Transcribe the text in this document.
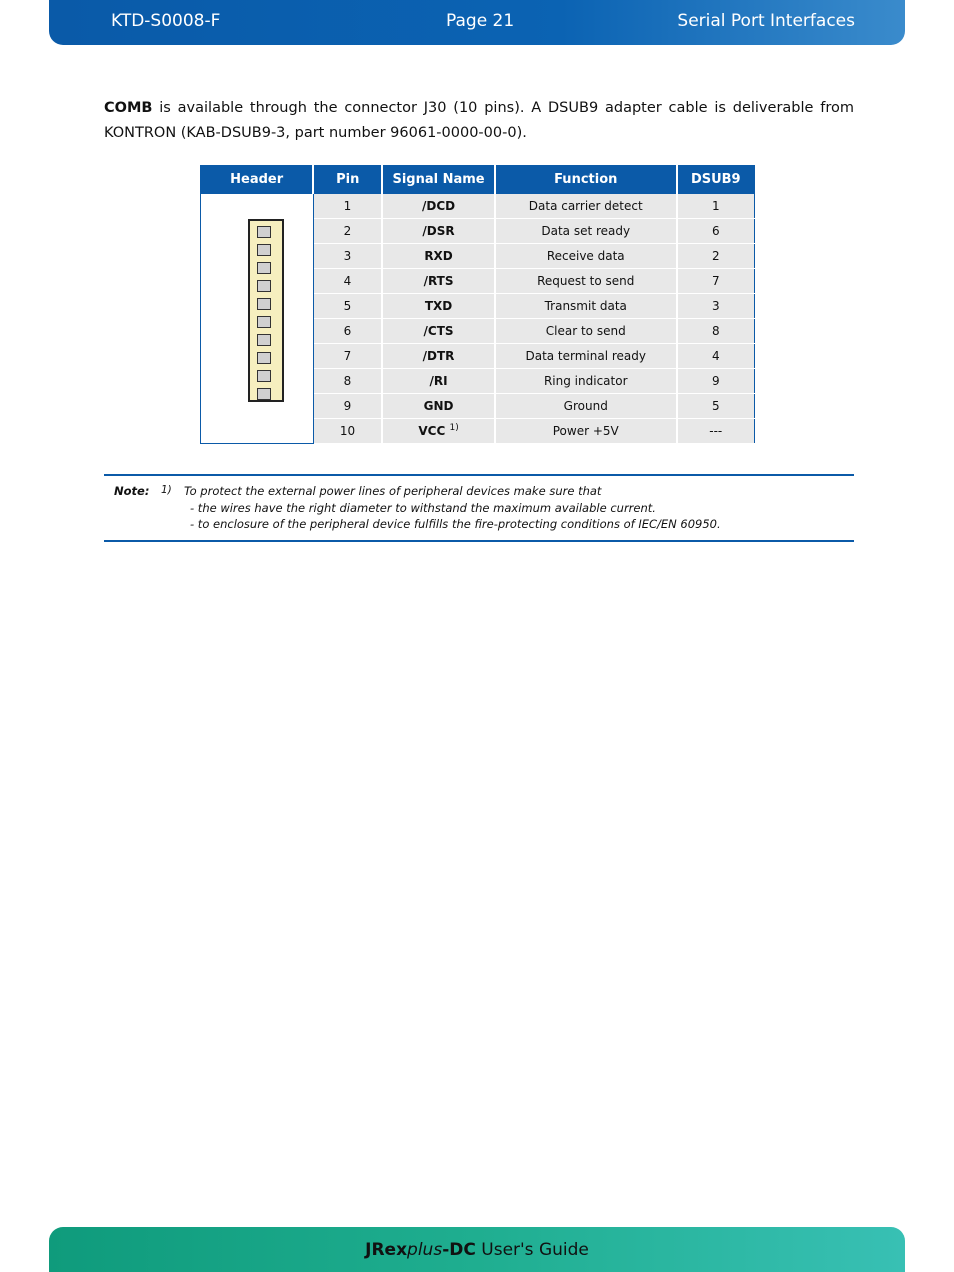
KTD-S0008-F	Page 21	Serial Port Interfaces
COMB is available through the connector J30 (10 pins). A DSUB9 adapter cable is deliverable from KONTRON (KAB-DSUB9-3, part number 96061-0000-00-0).
Header	Pin	Signal Name	Function	DSUB9

	1	/DCD	Data carrier detect	1
	2	/DSR	Data set ready	6
	3	RXD	Receive data	2
	4	/RTS	Request to send	7
	5	TXD	Transmit data	3
	6	/CTS	Clear to send	8
	7	/DTR	Data terminal ready	4
	8	/RI	Ring indicator	9
	9	GND	Ground	5
	10	VCC $^{1)}$	Power +5V	---
Note: 1) To protect the external power lines of peripheral devices make sure that
- the wires have the right diameter to withstand the maximum available current.
- to enclosure of the peripheral device fulfills the fire-protecting conditions of IEC/EN 60950.
JRexplus-DC User's Guide
